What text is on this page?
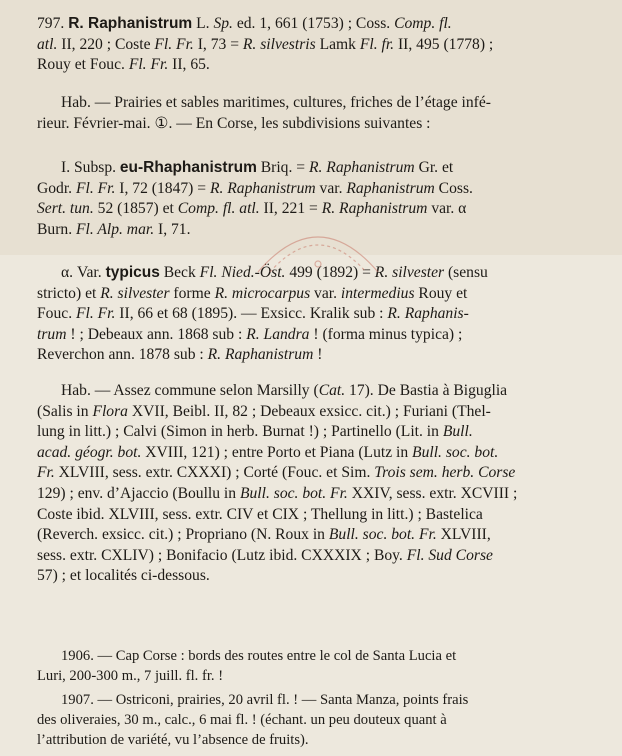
797. R. Raphanistrum L. Sp. ed. 1, 661 (1753) ; Coss. Comp. fl.
atl. II, 220 ; Coste Fl. Fr. I, 73 = R. silvestris Lamk Fl. fr. II, 495 (1778) ;
Rouy et Fouc. Fl. Fr. II, 65.
Hab. — Prairies et sables maritimes, cultures, friches de l’étage infé-
rieur. Février-mai. ①. — En Corse, les subdivisions suivantes :
I. Subsp. eu-Rhaphanistrum Briq. = R. Raphanistrum Gr. et
Godr. Fl. Fr. I, 72 (1847) = R. Raphanistrum var. Raphanistrum Coss.
Sert. tun. 52 (1857) et Comp. fl. atl. II, 221 = R. Raphanistrum var. α
Burn. Fl. Alp. mar. I, 71.
α. Var. typicus Beck Fl. Nied.-Öst. 499 (1892) = R. silvester (sensu
stricto) et R. silvester forme R. microcarpus var. intermedius Rouy et
Fouc. Fl. Fr. II, 66 et 68 (1895). — Exsicc. Kralik sub : R. Raphanis-
trum ! ; Debeaux ann. 1868 sub : R. Landra ! (forma minus typica) ;
Reverchon ann. 1878 sub : R. Raphanistrum !
Hab. — Assez commune selon Marsilly (Cat. 17). De Bastia à Biguglia
(Salis in Flora XVII, Beibl. II, 82 ; Debeaux exsicc. cit.) ; Furiani (Thel-
lung in litt.) ; Calvi (Simon in herb. Burnat !) ; Partinello (Lit. in Bull.
acad. géogr. bot. XVIII, 121) ; entre Porto et Piana (Lutz in Bull. soc. bot.
Fr. XLVIII, sess. extr. CXXXI) ; Corté (Fouc. et Sim. Trois sem. herb. Corse
129) ; env. d’Ajaccio (Boullu in Bull. soc. bot. Fr. XXIV, sess. extr. XCVIII ;
Coste ibid. XLVIII, sess. extr. CIV et CIX ; Thellung in litt.) ; Bastelica
(Reverch. exsicc. cit.) ; Propriano (N. Roux in Bull. soc. bot. Fr. XLVIII,
sess. extr. CXLIV) ; Bonifacio (Lutz ibid. CXXXIX ; Boy. Fl. Sud Corse
57) ; et localités ci-dessous.
1906. — Cap Corse : bords des routes entre le col de Santa Lucia et
Luri, 200-300 m., 7 juill. fl. fr. !
1907. — Ostriconi, prairies, 20 avril fl. ! — Santa Manza, points frais
des oliveraies, 30 m., calc., 6 mai fl. ! (échant. un peu douteux quant à
l’attribution de variété, vu l’absence de fruits).
